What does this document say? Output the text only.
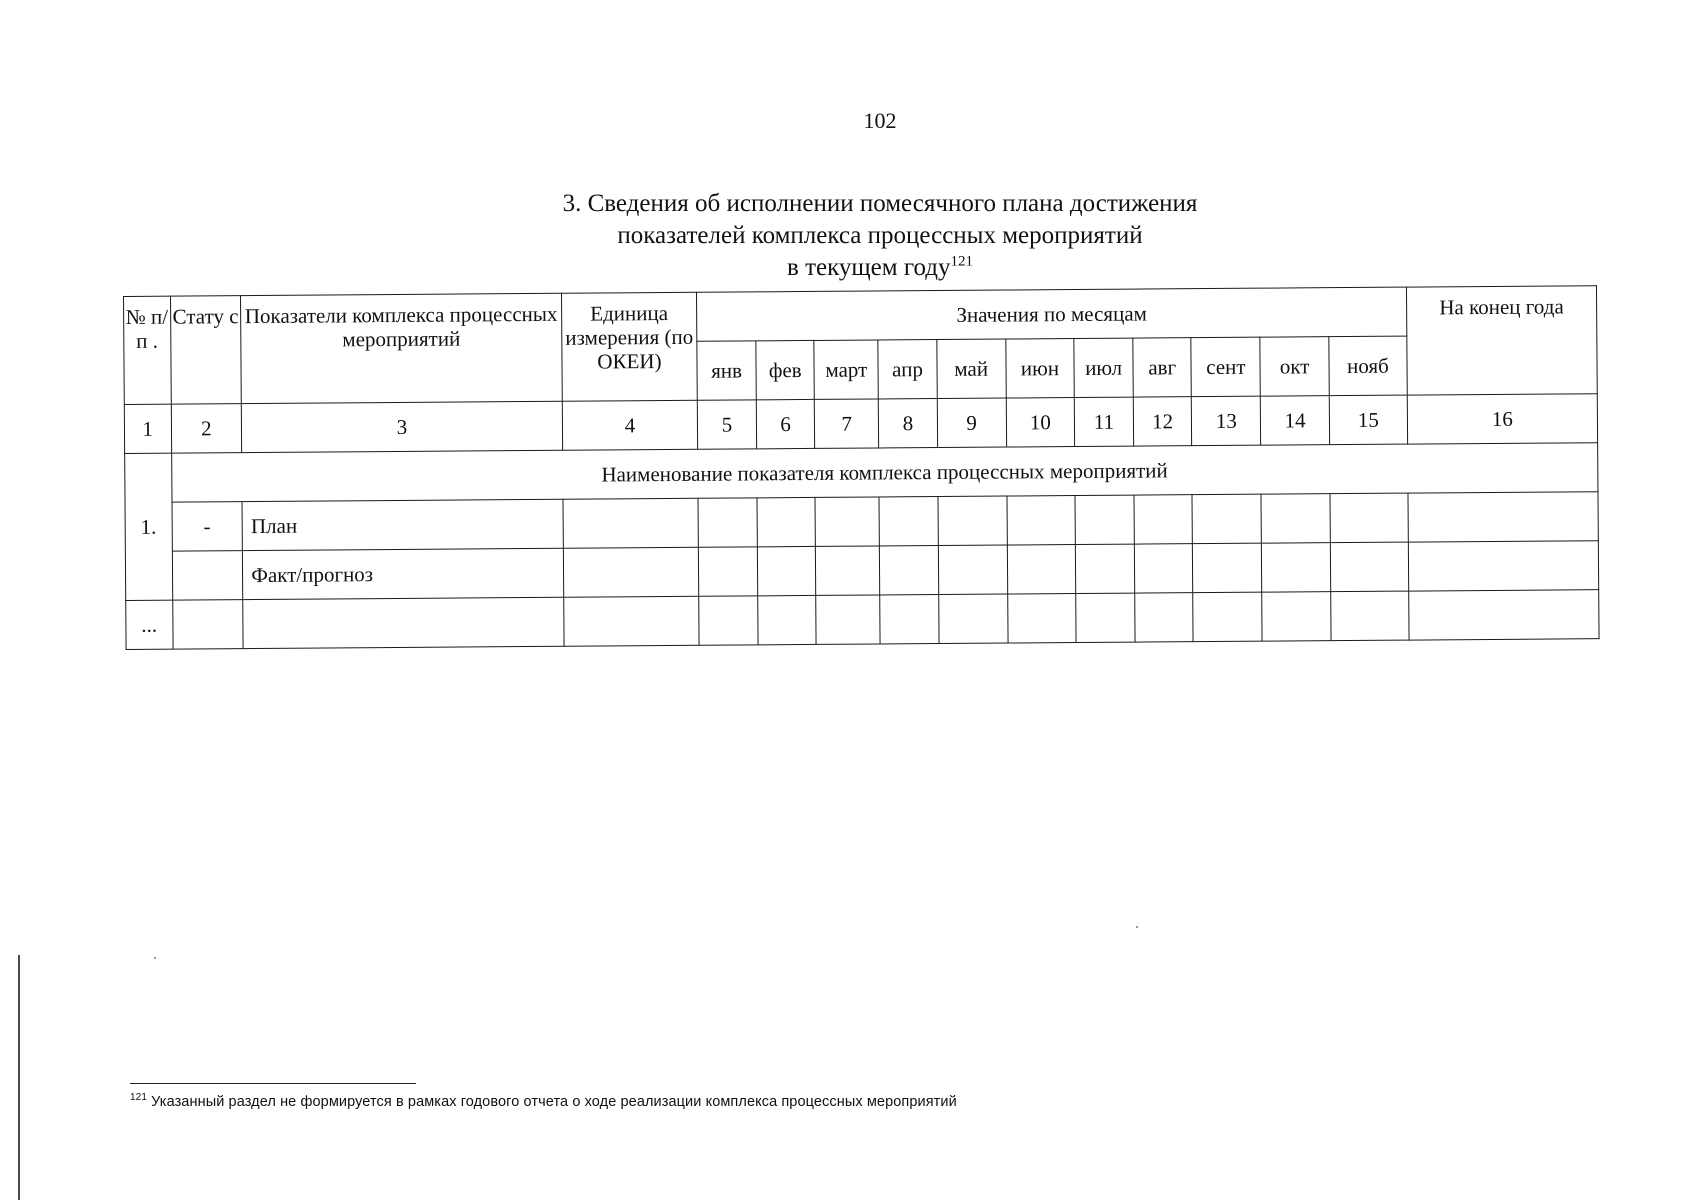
102
3. Сведения об исполнении помесячного плана достижения
показателей комплекса процессных мероприятий
в текущем году$^{121}$
№ п/п .	Стату с	Показатели комплекса процессных мероприятий	Единица измерения (по ОКЕИ)	Значения по месяцам											На конец года
				янв	фев	март	апр	май	июн	июл	авг	сент	окт	нояб	
1	2	3	4	5	6	7	8	9	10	11	12	13	14	15	16
1.	Наименование показателя комплекса процессных мероприятий														
	-	План													
		Факт/прогноз													
...															
$^{121}$ Указанный раздел не формируется в рамках годового отчета о ходе реализации комплекса процессных мероприятий
